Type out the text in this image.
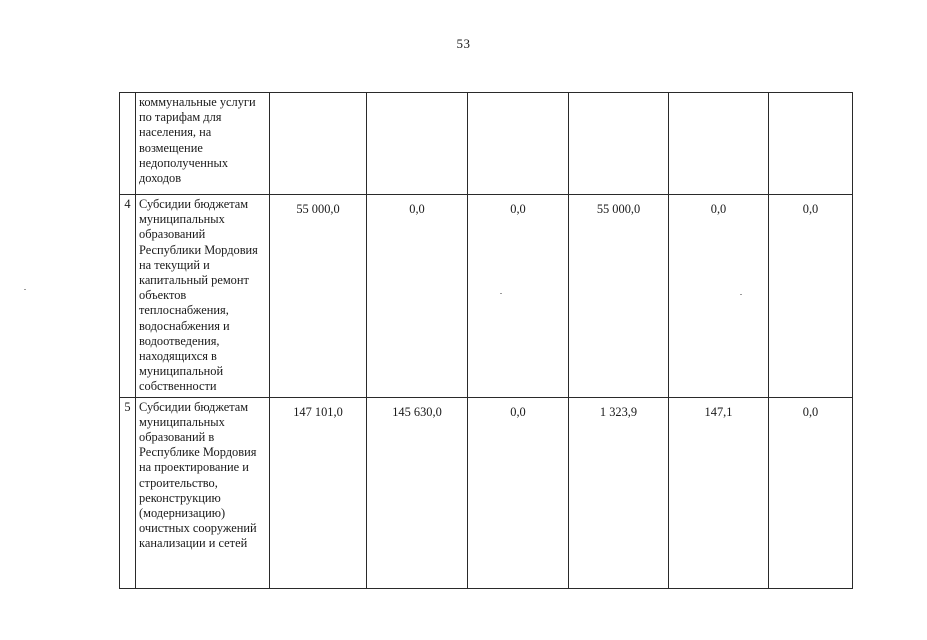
53
	коммунальные услуги по тарифам для населения, на возмещение недополученных доходов						
4	Субсидии бюджетам муниципальных образований Республики Мордовия на текущий и капитальный ремонт объектов теплоснабжения, водоснабжения и водоотведения, находящихся в муниципальной собственности	55 000,0	0,0	0,0	55 000,0	0,0	0,0
5	Субсидии бюджетам муниципальных образований в Республике Мордовия на проектирование и строительство, реконструкцию (модернизацию) очистных сооружений канализации и сетей	147 101,0	145 630,0	0,0	1 323,9	147,1	0,0
